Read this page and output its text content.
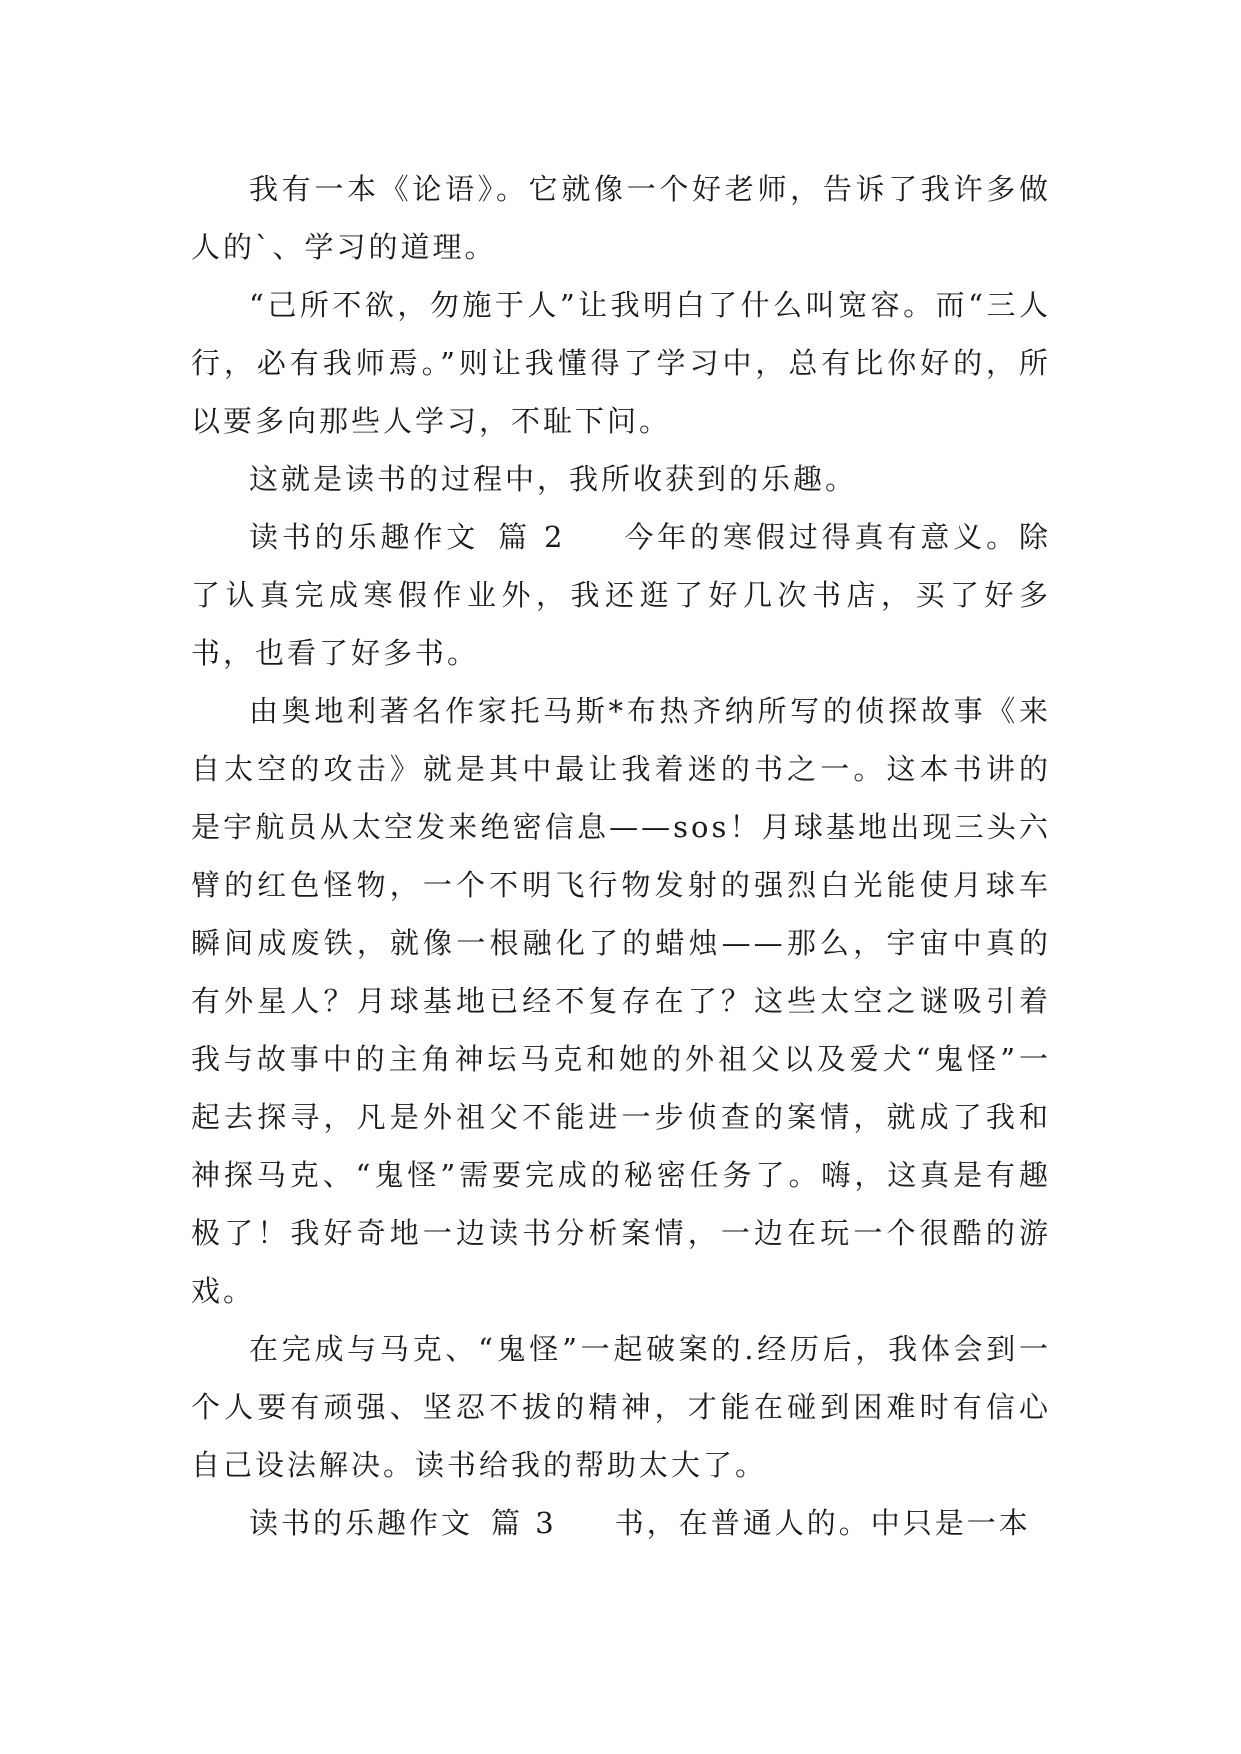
我有一本《论语》。它就像一个好老师，告诉了我许多做人的`、学习的道理。

“己所不欲，勿施于人”让我明白了什么叫宽容。而“三人行，必有我师焉。”则让我懂得了学习中，总有比你好的，所以要多向那些人学习，不耻下问。

这就是读书的过程中，我所收获到的乐趣。

读书的乐趣作文 篇 2 今年的寒假过得真有意义。除了认真完成寒假作业外，我还逛了好几次书店，买了好多书，也看了好多书。

由奥地利著名作家托马斯*布热齐纳所写的侦探故事《来自太空的攻击》就是其中最让我着迷的书之一。这本书讲的是宇航员从太空发来绝密信息——sos！月球基地出现三头六臂的红色怪物，一个不明飞行物发射的强烈白光能使月球车瞬间成废铁，就像一根融化了的蜡烛——那么，宇宙中真的有外星人？月球基地已经不复存在了？这些太空之谜吸引着我与故事中的主角神坛马克和她的外祖父以及爱犬“鬼怪”一起去探寻，凡是外祖父不能进一步侦查的案情，就成了我和神探马克、“鬼怪”需要完成的秘密任务了。嗨，这真是有趣极了！我好奇地一边读书分析案情，一边在玩一个很酷的游戏。

在完成与马克、“鬼怪”一起破案的.经历后，我体会到一个人要有顽强、坚忍不拔的精神，才能在碰到困难时有信心自己设法解决。读书给我的帮助太大了。

读书的乐趣作文 篇 3 书，在普通人的。中只是一本
